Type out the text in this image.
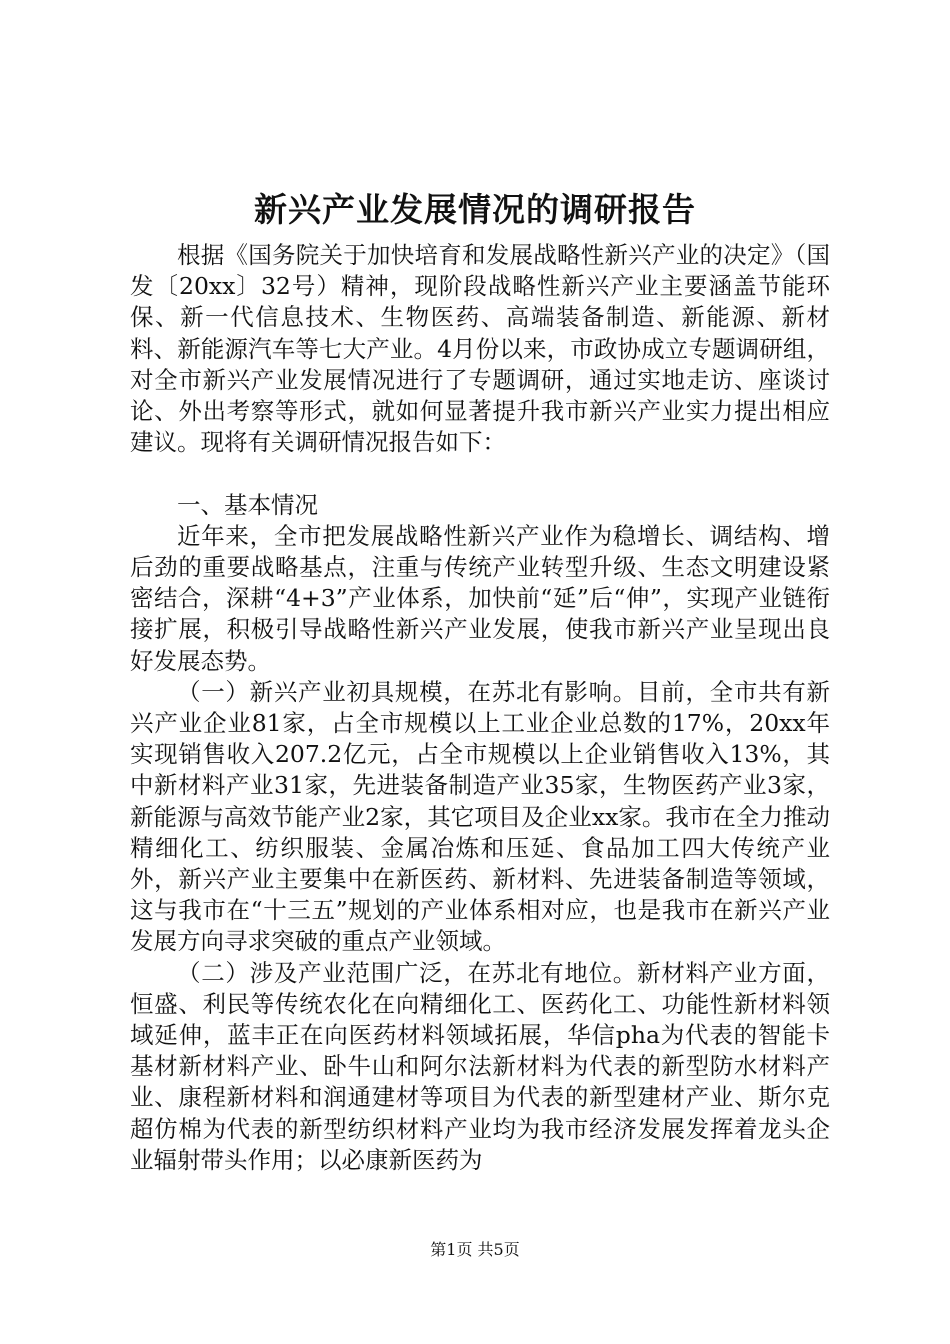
新兴产业发展情况的调研报告

根据《国务院关于加快培育和发展战略性新兴产业的决定》（国发〔20xx〕32号）精神，现阶段战略性新兴产业主要涵盖节能环保、新一代信息技术、生物医药、高端装备制造、新能源、新材料、新能源汽车等七大产业。4月份以来，市政协成立专题调研组，对全市新兴产业发展情况进行了专题调研，通过实地走访、座谈讨论、外出考察等形式，就如何显著提升我市新兴产业实力提出相应建议。现将有关调研情况报告如下：

一、基本情况

近年来，全市把发展战略性新兴产业作为稳增长、调结构、增后劲的重要战略基点，注重与传统产业转型升级、生态文明建设紧密结合，深耕“4+3”产业体系，加快前“延”后“伸”，实现产业链衔接扩展，积极引导战略性新兴产业发展，使我市新兴产业呈现出良好发展态势。

（一）新兴产业初具规模，在苏北有影响。目前，全市共有新兴产业企业81家，占全市规模以上工业企业总数的17%，20xx年实现销售收入207.2亿元，占全市规模以上企业销售收入13%，其中新材料产业31家，先进装备制造产业35家，生物医药产业3家，新能源与高效节能产业2家，其它项目及企业xx家。我市在全力推动精细化工、纺织服装、金属冶炼和压延、食品加工四大传统产业外，新兴产业主要集中在新医药、新材料、先进装备制造等领域，这与我市在“十三五”规划的产业体系相对应，也是我市在新兴产业发展方向寻求突破的重点产业领域。

（二）涉及产业范围广泛，在苏北有地位。新材料产业方面，恒盛、利民等传统农化在向精细化工、医药化工、功能性新材料领域延伸，蓝丰正在向医药材料领域拓展，华信pha为代表的智能卡基材新材料产业、卧牛山和阿尔法新材料为代表的新型防水材料产业、康程新材料和润通建材等项目为代表的新型建材产业、斯尔克超仿棉为代表的新型纺织材料产业均为我市经济发展发挥着龙头企业辐射带头作用；以必康新医药为

第1页 共5页
